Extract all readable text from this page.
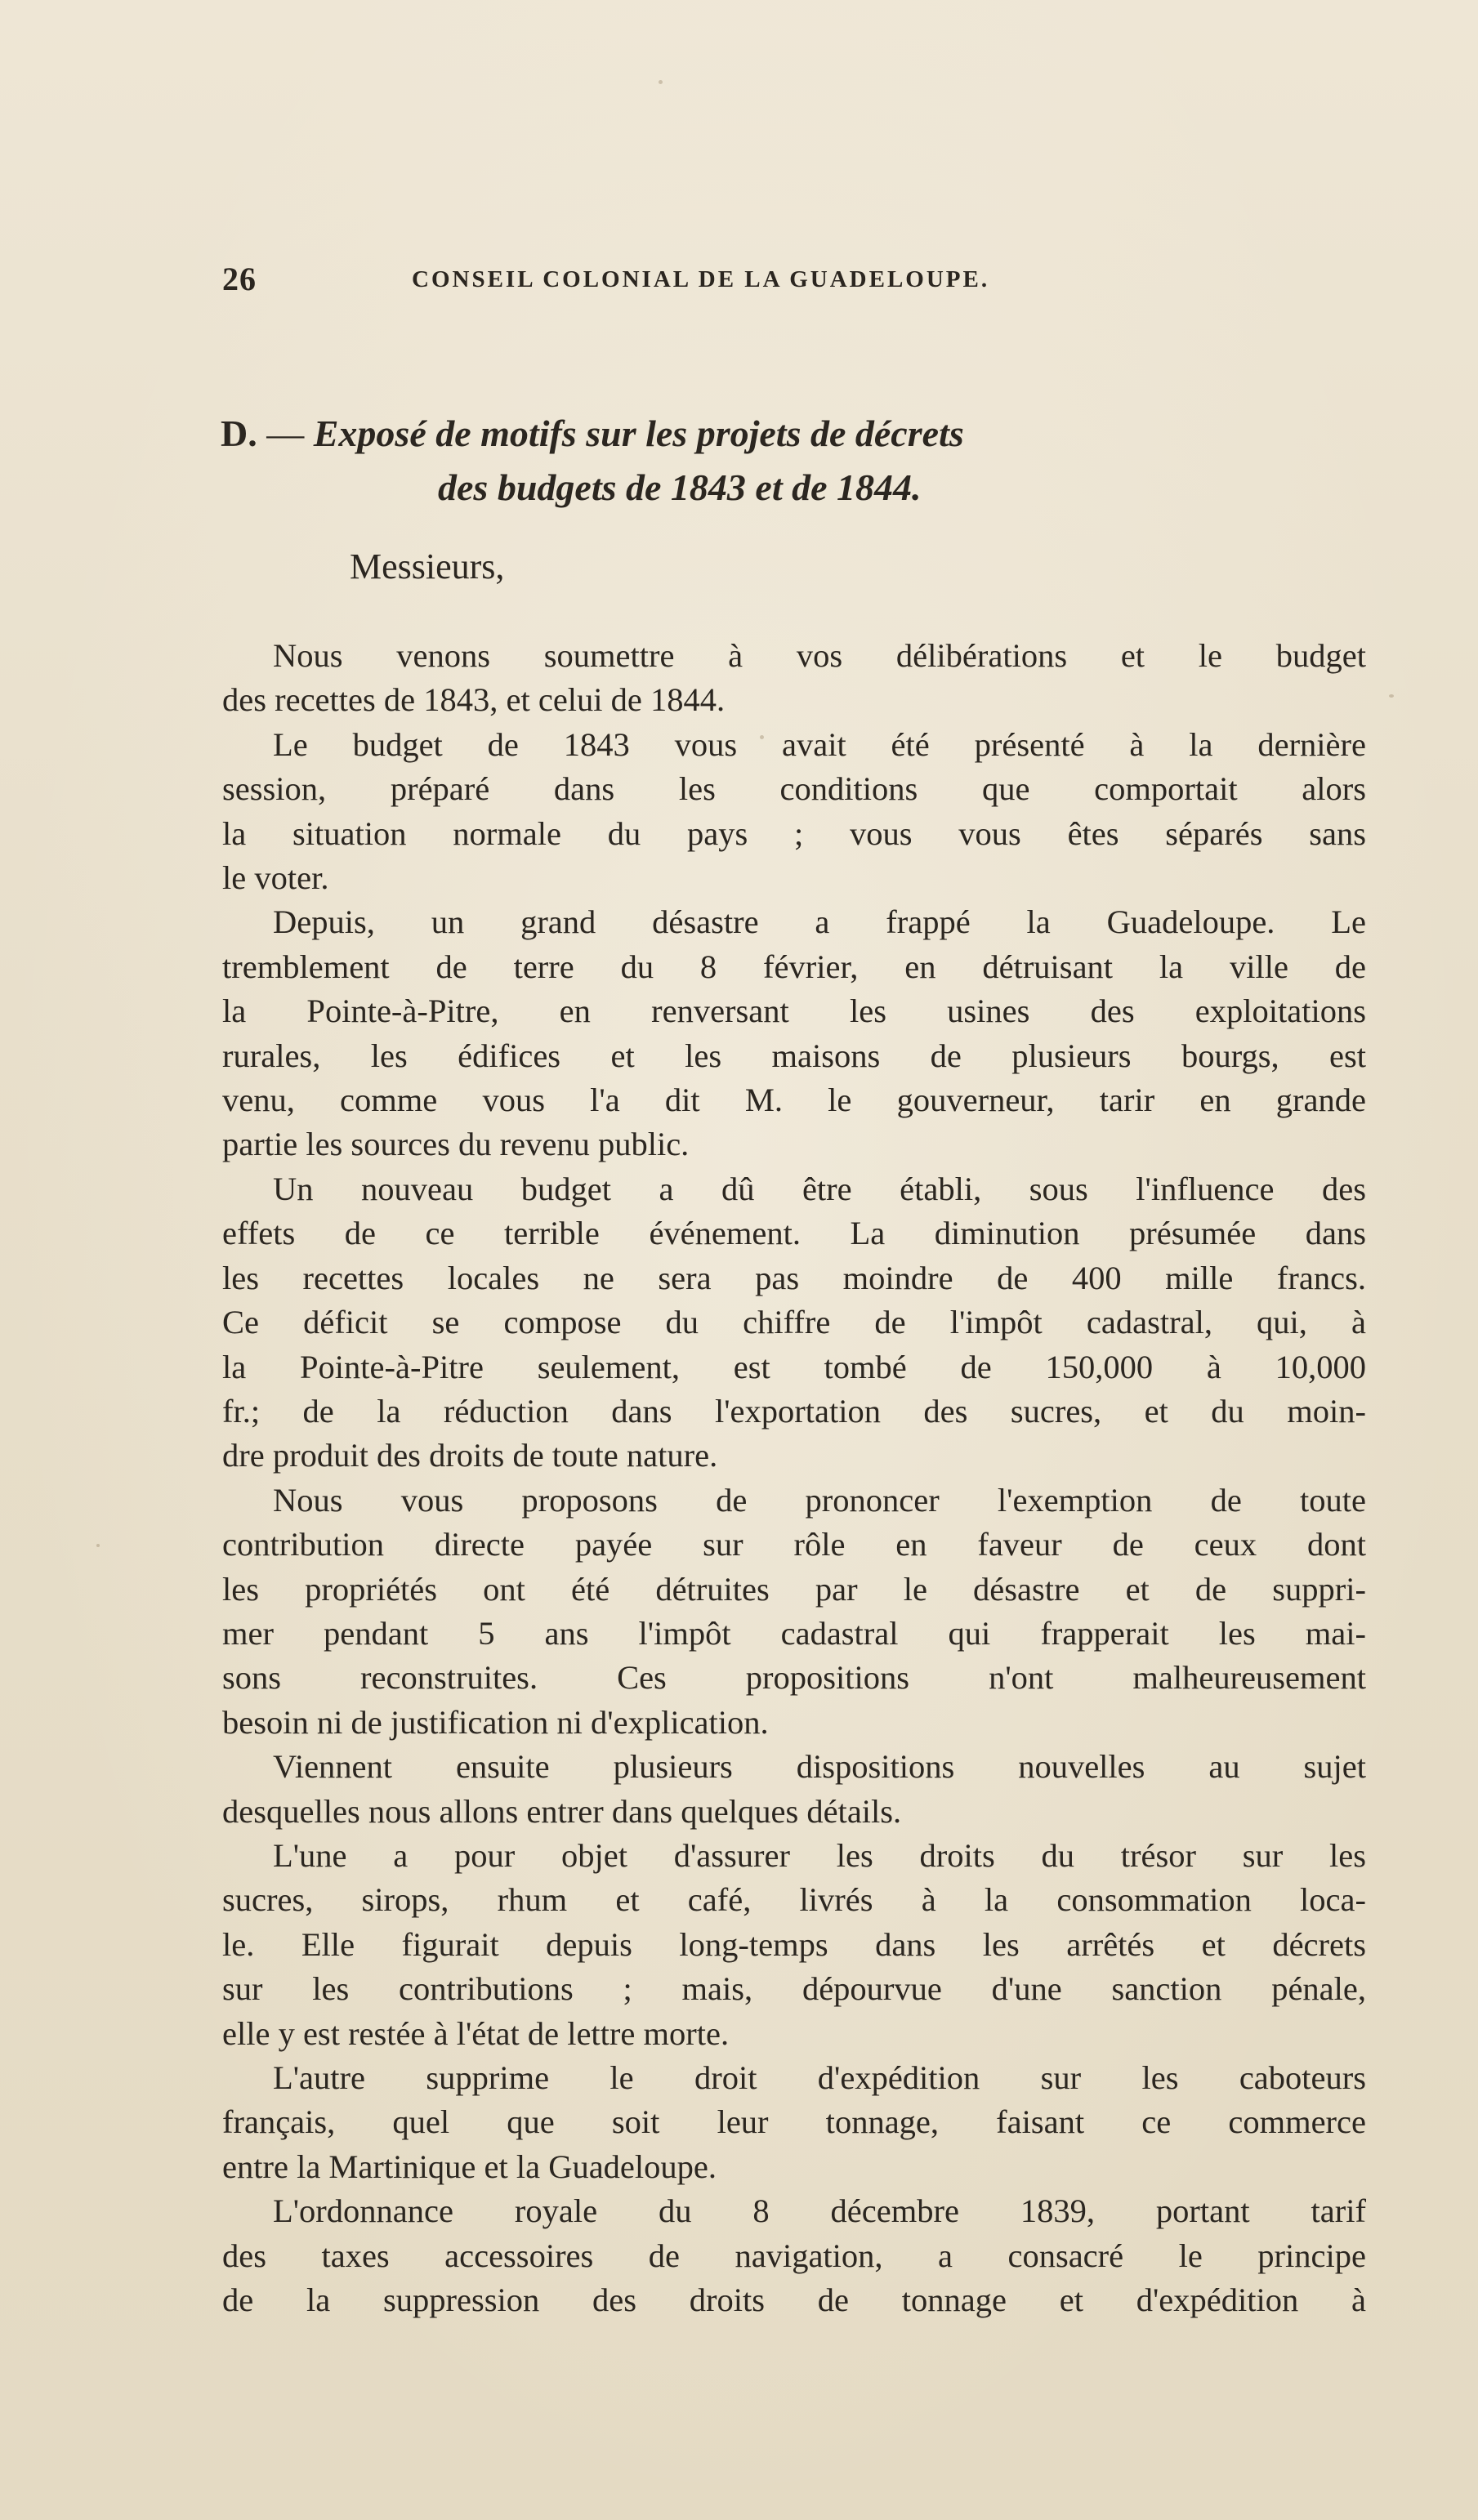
26	CONSEIL COLONIAL DE LA GUADELOUPE.
D. — Exposé de motifs sur les projets de décrets
des budgets de 1843 et de 1844.
Messieurs,
Nous venons soumettre à vos délibérations et le budget
des recettes de 1843, et celui de 1844.
Le budget de 1843 vous avait été présenté à la dernière
session, préparé dans les conditions que comportait alors
la situation normale du pays ; vous vous êtes séparés sans
le voter.
Depuis, un grand désastre a frappé la Guadeloupe. Le
tremblement de terre du 8 février, en détruisant la ville de
la Pointe-à-Pitre, en renversant les usines des exploitations
rurales, les édifices et les maisons de plusieurs bourgs, est
venu, comme vous l'a dit M. le gouverneur, tarir en grande
partie les sources du revenu public.
Un nouveau budget a dû être établi, sous l'influence des
effets de ce terrible événement. La diminution présumée dans
les recettes locales ne sera pas moindre de 400 mille francs.
Ce déficit se compose du chiffre de l'impôt cadastral, qui, à
la Pointe-à-Pitre seulement, est tombé de 150,000 à 10,000
fr.; de la réduction dans l'exportation des sucres, et du moin-
dre produit des droits de toute nature.
Nous vous proposons de prononcer l'exemption de toute
contribution directe payée sur rôle en faveur de ceux dont
les propriétés ont été détruites par le désastre et de suppri-
mer pendant 5 ans l'impôt cadastral qui frapperait les mai-
sons reconstruites. Ces propositions n'ont malheureusement
besoin ni de justification ni d'explication.
Viennent ensuite plusieurs dispositions nouvelles au sujet
desquelles nous allons entrer dans quelques détails.
L'une a pour objet d'assurer les droits du trésor sur les
sucres, sirops, rhum et café, livrés à la consommation loca-
le. Elle figurait depuis long-temps dans les arrêtés et décrets
sur les contributions ; mais, dépourvue d'une sanction pénale,
elle y est restée à l'état de lettre morte.
L'autre supprime le droit d'expédition sur les caboteurs
français, quel que soit leur tonnage, faisant ce commerce
entre la Martinique et la Guadeloupe.
L'ordonnance royale du 8 décembre 1839, portant tarif
des taxes accessoires de navigation, a consacré le principe
de la suppression des droits de tonnage et d'expédition à
